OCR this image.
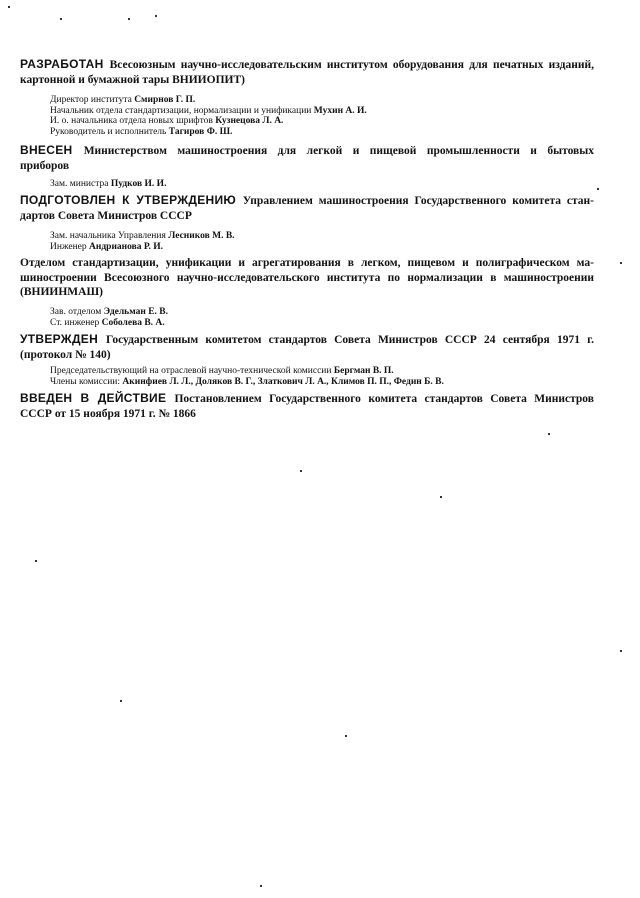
РАЗРАБОТАН Всесоюзным научно-исследовательским институтом оборудования для печатных изданий,
картонной и бумажной тары ВНИИОПИТ)
Директор института Смирнов Г. П.
Начальник отдела стандартизации, нормализации и унификации Мухин А. И.
И. о. начальника отдела новых шрифтов Кузнецова Л. А.
Руководитель и исполнитель Тагиров Ф. Ш.
ВНЕСЕН Министерством машиностроения для легкой и пищевой промышленности и бытовых
приборов
Зам. министра Пудков И. И.
ПОДГОТОВЛЕН К УТВЕРЖДЕНИЮ Управлением машиностроения Государственного комитета стан-
дартов Совета Министров СССР
Зам. начальника Управления Лесников М. В.
Инженер Андрианова Р. И.
Отделом стандартизации, унификации и агрегатирования в легком, пищевом и полиграфическом ма-
шиностроении Всесоюзного научно-исследовательского института по нормализации в машиностроении
(ВНИИНМАШ)
Зав. отделом Эдельман Е. В.
Ст. инженер Соболева В. А.
УТВЕРЖДЕН Государственным комитетом стандартов Совета Министров СССР 24 сентября 1971 г.
(протокол № 140)
Председательствующий на отраслевой научно-технической комиссии Бергман В. П.
Члены комиссии: Акинфиев Л. Л., Доляков В. Г., Златкович Л. А., Климов П. П., Федин Б. В.
ВВЕДЕН В ДЕЙСТВИЕ Постановлением Государственного комитета стандартов Совета Министров
СССР от 15 ноября 1971 г. № 1866
